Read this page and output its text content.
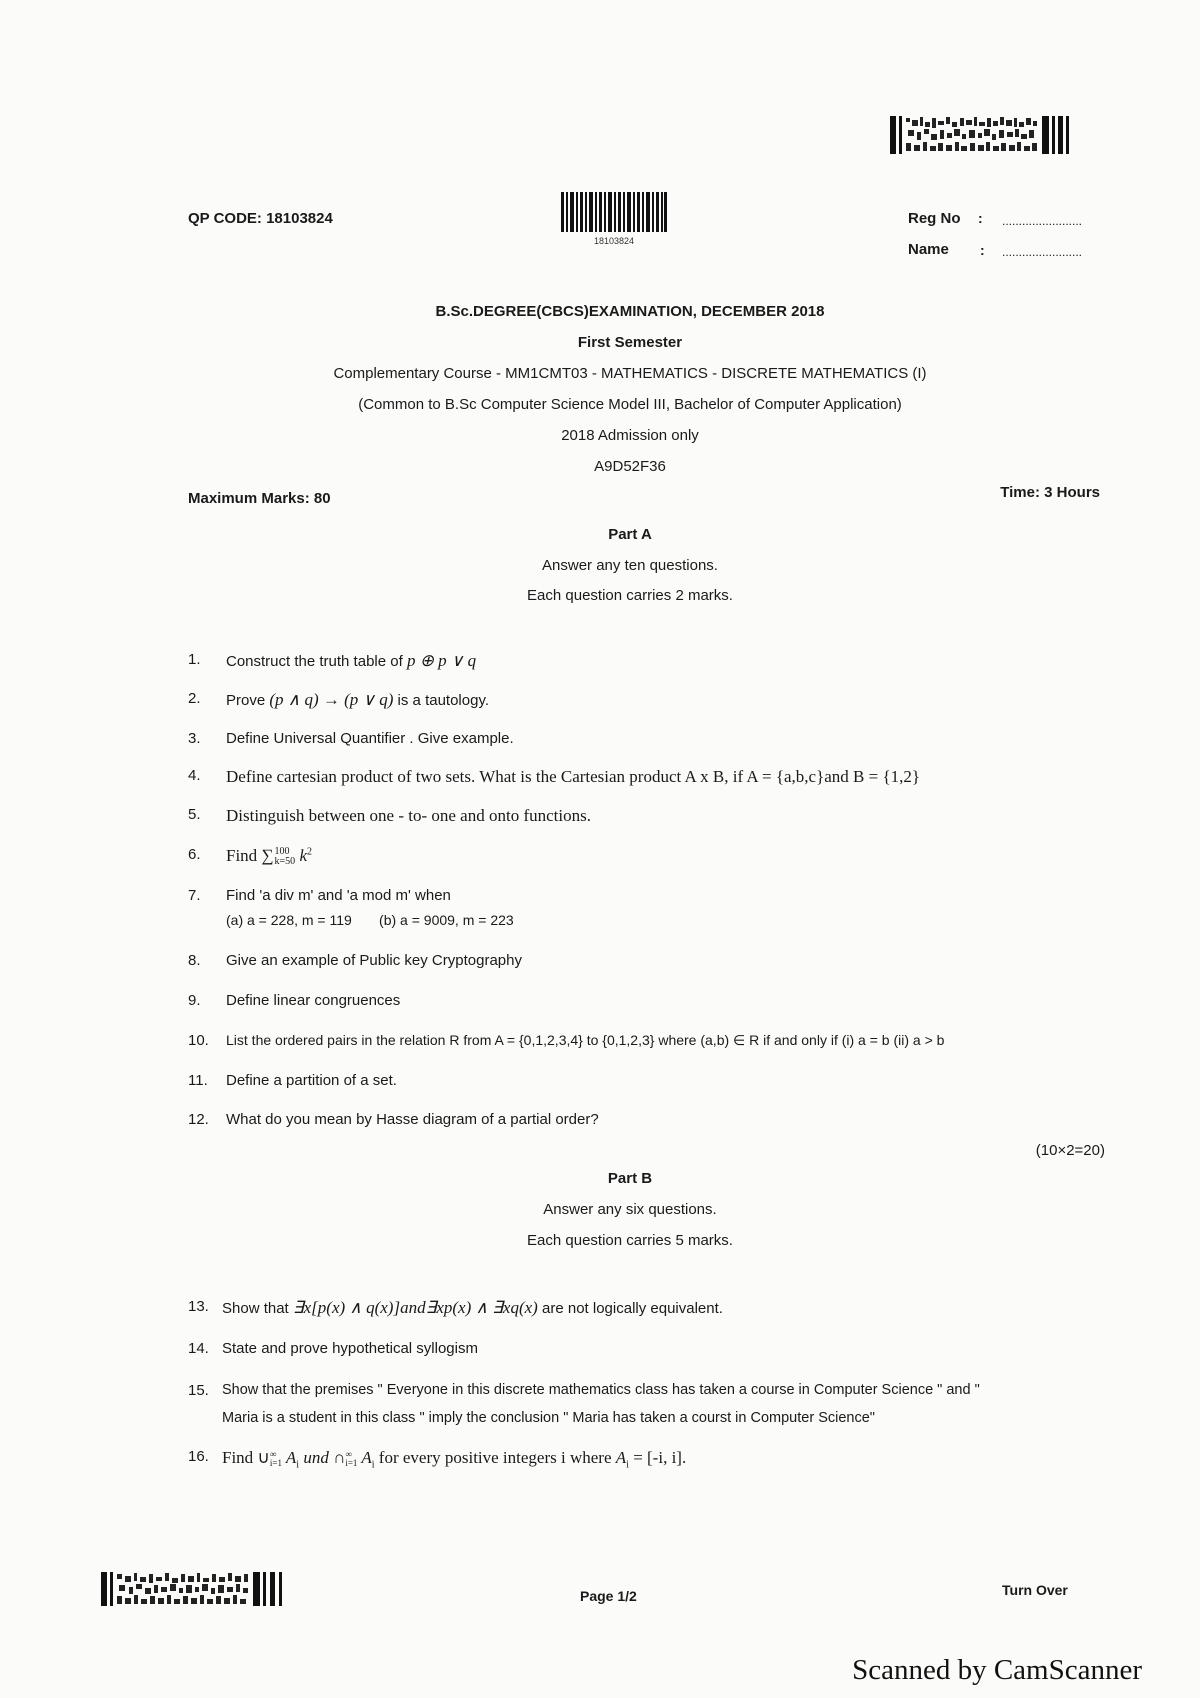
QP CODE: 18103824
18103824
Reg No : ........................
Name : ........................
B.Sc.DEGREE(CBCS)EXAMINATION, DECEMBER 2018
First Semester
Complementary Course - MM1CMT03 - MATHEMATICS - DISCRETE MATHEMATICS (I)
(Common to B.Sc Computer Science Model III, Bachelor of Computer Application)
2018 Admission only
A9D52F36
Maximum Marks: 80	Time: 3 Hours
Part A
Answer any ten questions.
Each question carries 2 marks.
1.	Construct the truth table of p ⊕ p ∨ q
2.	Prove (p ∧ q) → (p ∨ q) is a tautology.
3.	Define Universal Quantifier . Give example.
4.	Define cartesian product of two sets. What is the Cartesian product A x B, if A = {a,b,c}and B = {1,2}
5.	Distinguish between one - to- one and onto functions.
6.	Find ∑ 100
k=50 $k^2$
7.	Find 'a div m' and 'a mod m' when
(a) a = 228, m = 119       (b) a = 9009, m = 223
8.	Give an example of Public key Cryptography
9.	Define linear congruences
10.	List the ordered pairs in the relation R from A = {0,1,2,3,4} to {0,1,2,3} where (a,b) ∈ R if and only if (i) a = b (ii) a > b
11.	Define a partition of a set.
12.	What do you mean by Hasse diagram of a partial order?
(10×2=20)
Part B
Answer any six questions.
Each question carries 5 marks.
13. Show that ∃x[p(x) ∧ q(x)]and∃xp(x) ∧ ∃xq(x) are not logically equivalent.
14. State and prove hypothetical syllogism
15. Show that the premises " Everyone in this discrete mathematics class has taken a course in Computer Science " and "
Maria is a student in this class " imply the conclusion " Maria has taken a courst in Computer Science"
16. Find ∪ ∞
i=1 $A_i$ und ∩ ∞
i=1 $A_i$ for every positive integers i where $A_i = [-i$, i].
Page 1/2	Turn Over
Scanned by CamScanner
